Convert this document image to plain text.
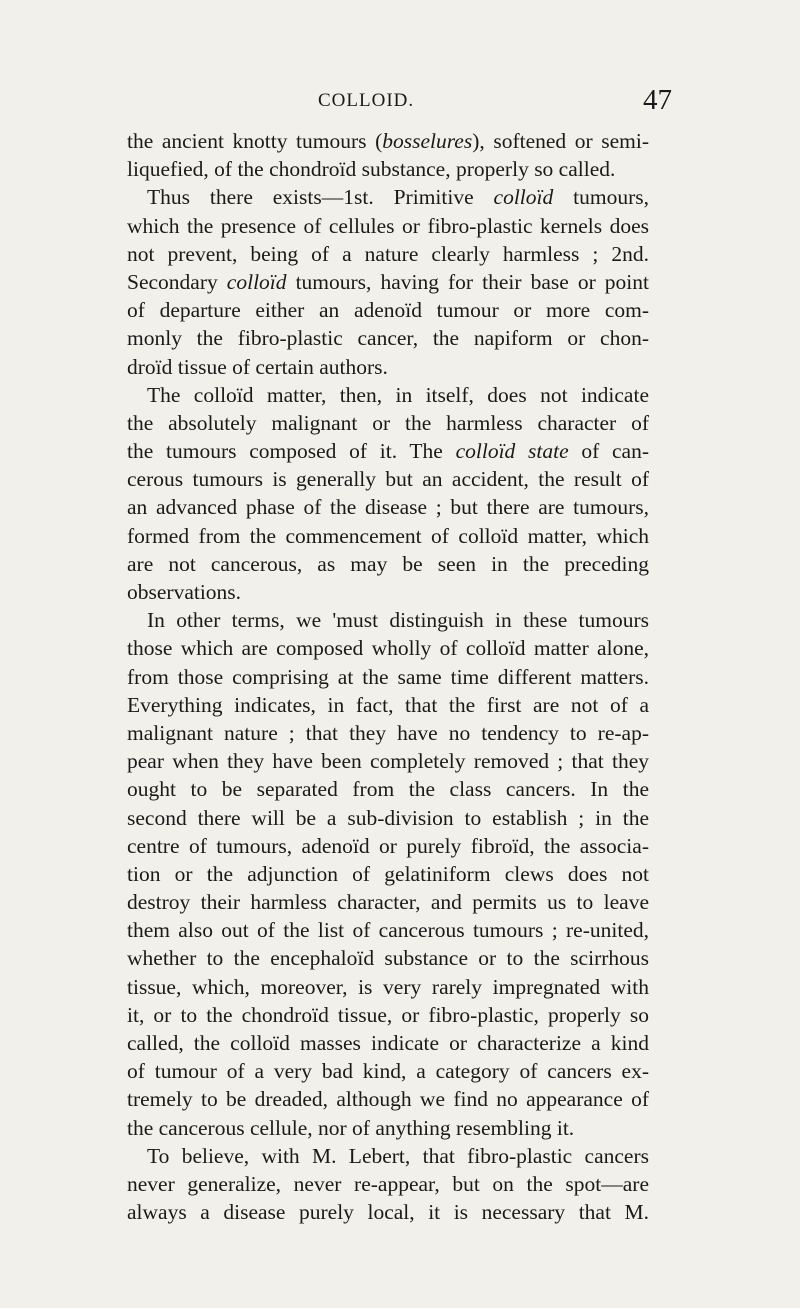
COLLOID.	47
the ancient knotty tumours (bosselures), softened or semi-
liquefied, of the chondroïd substance, properly so called.
Thus there exists—1st. Primitive colloïd tumours,
which the presence of cellules or fibro-plastic kernels does
not prevent, being of a nature clearly harmless ; 2nd.
Secondary colloïd tumours, having for their base or point
of departure either an adenoïd tumour or more com-
monly the fibro-plastic cancer, the napiform or chon-
droïd tissue of certain authors.
The colloïd matter, then, in itself, does not indicate
the absolutely malignant or the harmless character of
the tumours composed of it. The colloïd state of can-
cerous tumours is generally but an accident, the result of
an advanced phase of the disease ; but there are tumours,
formed from the commencement of colloïd matter, which
are not cancerous, as may be seen in the preceding
observations.
In other terms, we 'must distinguish in these tumours
those which are composed wholly of colloïd matter alone,
from those comprising at the same time different matters.
Everything indicates, in fact, that the first are not of a
malignant nature ; that they have no tendency to re-ap-
pear when they have been completely removed ; that they
ought to be separated from the class cancers. In the
second there will be a sub-division to establish ; in the
centre of tumours, adenoïd or purely fibroïd, the associa-
tion or the adjunction of gelatiniform clews does not
destroy their harmless character, and permits us to leave
them also out of the list of cancerous tumours ; re-united,
whether to the encephaloïd substance or to the scirrhous
tissue, which, moreover, is very rarely impregnated with
it, or to the chondroïd tissue, or fibro-plastic, properly so
called, the colloïd masses indicate or characterize a kind
of tumour of a very bad kind, a category of cancers ex-
tremely to be dreaded, although we find no appearance of
the cancerous cellule, nor of anything resembling it.
To believe, with M. Lebert, that fibro-plastic cancers
never generalize, never re-appear, but on the spot—are
always a disease purely local, it is necessary that M.
